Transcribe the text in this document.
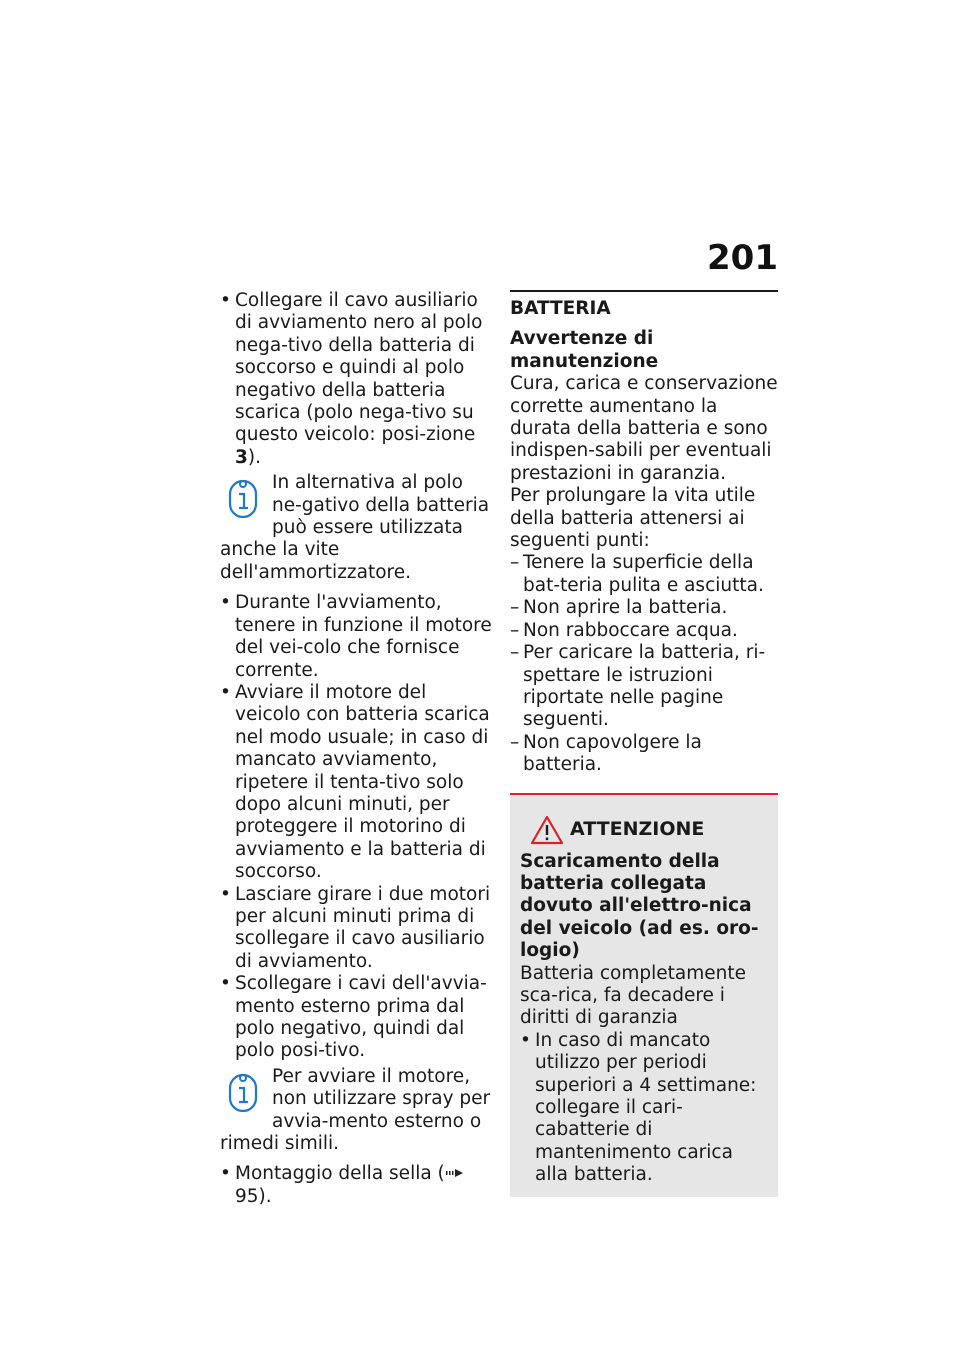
201
• Collegare il cavo ausiliario di avviamento nero al polo nega-tivo della batteria di soccorso e quindi al polo negativo della batteria scarica (polo nega-tivo su questo veicolo: posi-zione 3).
In alternativa al polo ne-gativo della batteria può essere utilizzata anche la vite dell'ammortizzatore.
• Durante l'avviamento, tenere in funzione il motore del vei-colo che fornisce corrente.
• Avviare il motore del veicolo con batteria scarica nel modo usuale; in caso di mancato avviamento, ripetere il tenta-tivo solo dopo alcuni minuti, per proteggere il motorino di avviamento e la batteria di soccorso.
• Lasciare girare i due motori per alcuni minuti prima di scollegare il cavo ausiliario di avviamento.
• Scollegare i cavi dell'avvia-mento esterno prima dal polo negativo, quindi dal polo posi-tivo.
Per avviare il motore, non utilizzare spray per avvia-mento esterno o rimedi simili.
• Montaggio della sella (95).
BATTERIA
Avvertenze di manutenzione
Cura, carica e conservazione corrette aumentano la durata della batteria e sono indispen-sabili per eventuali prestazioni in garanzia.
Per prolungare la vita utile della batteria attenersi ai seguenti punti:
– Tenere la superficie della bat-teria pulita e asciutta.
– Non aprire la batteria.
– Non rabboccare acqua.
– Per caricare la batteria, ri-spettare le istruzioni riportate nelle pagine seguenti.
– Non capovolgere la batteria.
ATTENZIONE
Scaricamento della batteria collegata dovuto all'elettro-nica del veicolo (ad es. oro-logio)
Batteria completamente sca-rica, fa decadere i diritti di garanzia
• In caso di mancato utilizzo per periodi superiori a 4 settimane: collegare il cari-cabatterie di mantenimento carica alla batteria.
